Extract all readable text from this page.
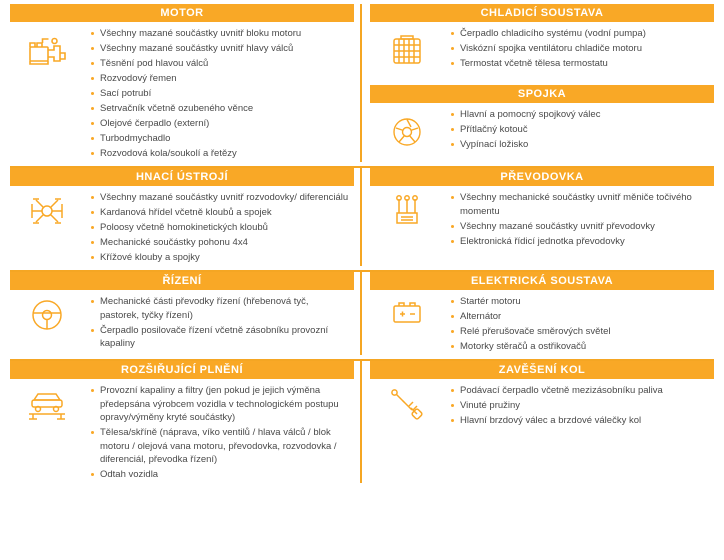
MOTOR
Všechny mazané součástky uvnitř bloku motoru
Všechny mazané součástky uvnitř hlavy válců
Těsnění pod hlavou válců
Rozvodový řemen
Sací potrubí
Setrvačník včetně ozubeného věnce
Olejové čerpadlo (externí)
Turbodmychadlo
Rozvodová kola/soukolí a řetězy
CHLADICÍ SOUSTAVA
Čerpadlo chladicího systému (vodní pumpa)
Viskózní spojka ventilátoru chladiče motoru
Termostat včetně tělesa termostatu
SPOJKA
Hlavní a pomocný spojkový válec
Přítlačný kotouč
Vypínací ložisko
HNACÍ ÚSTROJÍ
Všechny mazané součástky uvnitř rozvodovky/ diferenciálu
Kardanová hřídel včetně kloubů a spojek
Poloosy včetně homokinetických kloubů
Mechanické součástky pohonu 4x4
Křížové klouby a spojky
PŘEVODOVKA
Všechny mechanické součástky uvnitř měniče točivého momentu
Všechny mazané součástky uvnitř převodovky
Elektronická řídicí jednotka převodovky
ŘÍZENÍ
Mechanické části převodky řízení (hřebenová tyč, pastorek, tyčky řízení)
Čerpadlo posilovače řízení včetně zásobníku provozní kapaliny
ELEKTRICKÁ SOUSTAVA
Startér motoru
Alternátor
Relé přerušovače směrových světel
Motorky stěračů a ostřikovačů
ROZŠIŘUJÍCÍ PLNĚNÍ
Provozní kapaliny a filtry (jen pokud je jejich výměna předepsána výrobcem vozidla v technologickém postupu opravy/výměny kryté součástky)
Tělesa/skříně (náprava, víko ventilů / hlava válců / blok motoru / olejová vana motoru, převodovka, rozvodovka / diferenciál, převodka řízení)
Odtah vozidla
ZAVĚŠENÍ KOL
Podávací čerpadlo včetně mezizásobníku paliva
Vinuté pružiny
Hlavní brzdový válec a brzdové válečky kol
